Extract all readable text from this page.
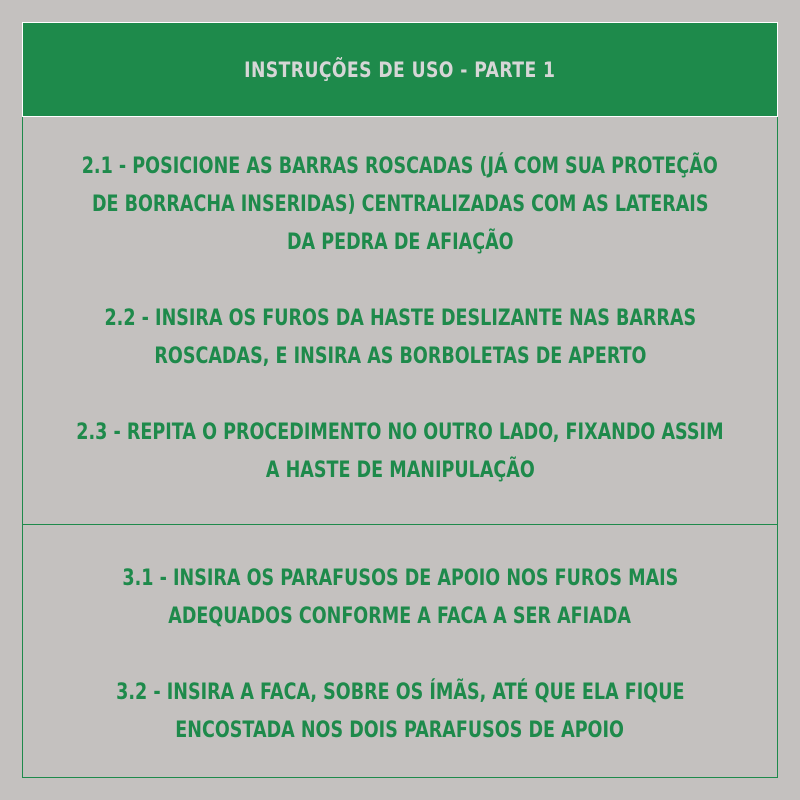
INSTRUÇÕES DE USO - PARTE 1
2.1 - POSICIONE AS BARRAS ROSCADAS (JÁ COM SUA PROTEÇÃO
DE BORRACHA INSERIDAS) CENTRALIZADAS COM AS LATERAIS
DA PEDRA DE AFIAÇÃO
2.2 - INSIRA OS FUROS DA HASTE DESLIZANTE NAS BARRAS
ROSCADAS, E INSIRA AS BORBOLETAS DE APERTO
2.3 - REPITA O PROCEDIMENTO NO OUTRO LADO, FIXANDO ASSIM
A HASTE DE MANIPULAÇÃO
3.1 - INSIRA OS PARAFUSOS DE APOIO NOS FUROS MAIS
ADEQUADOS CONFORME A FACA A SER AFIADA
3.2 - INSIRA A FACA, SOBRE OS ÍMÃS, ATÉ QUE ELA FIQUE
ENCOSTADA NOS DOIS PARAFUSOS DE APOIO
